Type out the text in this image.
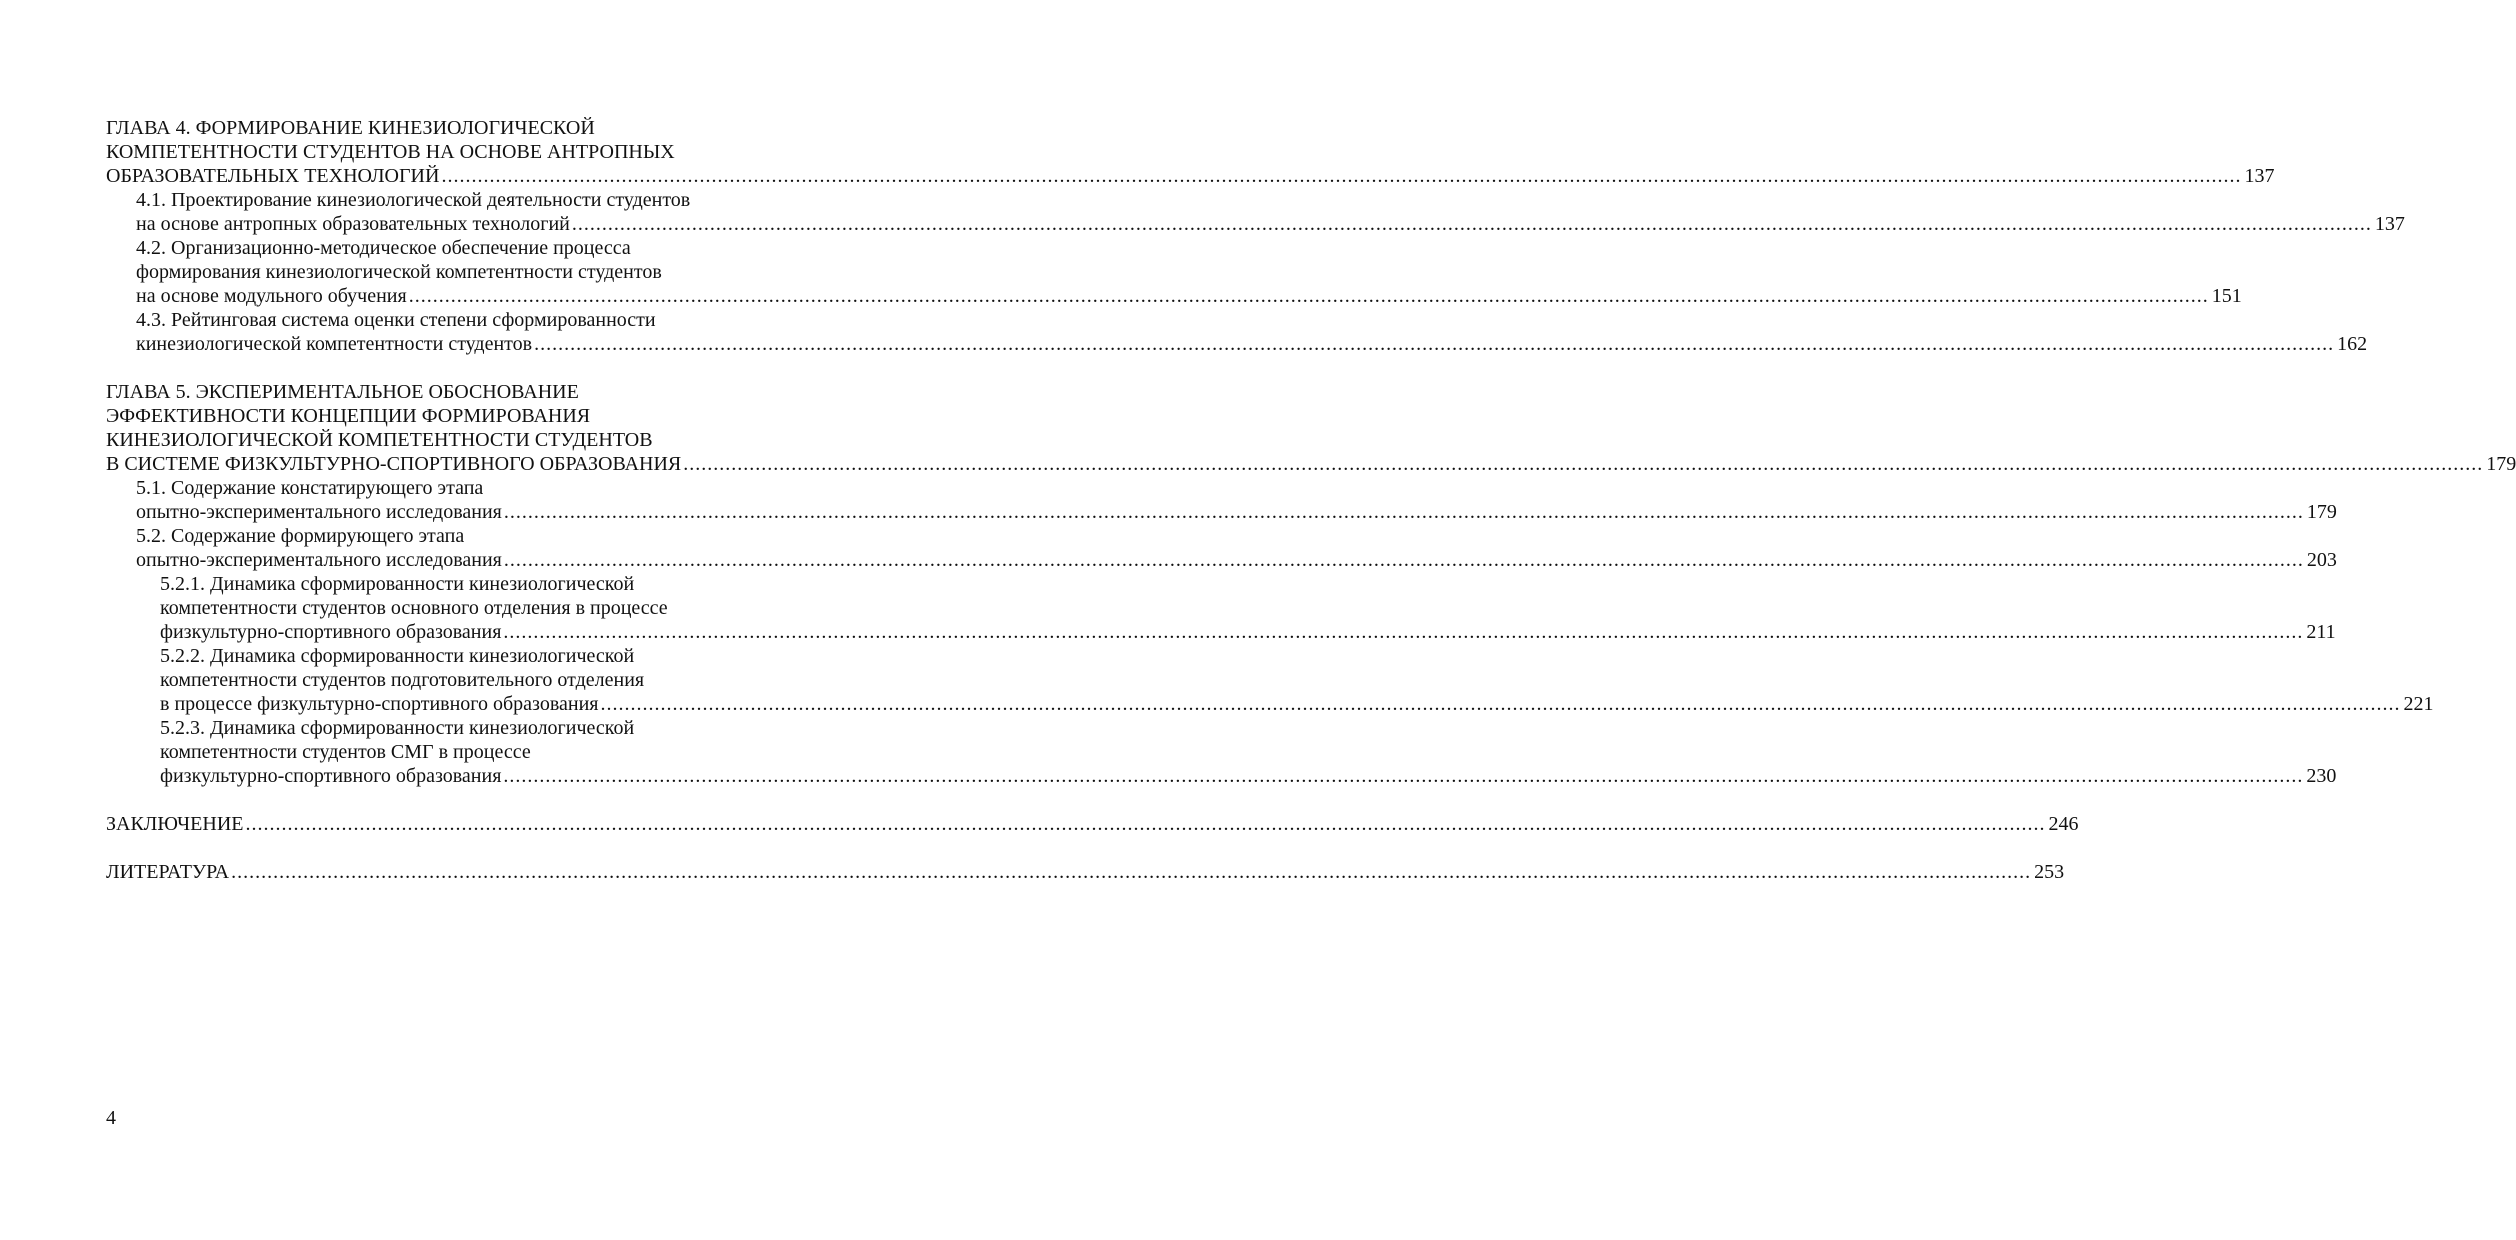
ГЛАВА 4. ФОРМИРОВАНИЕ КИНЕЗИОЛОГИЧЕСКОЙ
КОМПЕТЕНТНОСТИ СТУДЕНТОВ НА ОСНОВЕ АНТРОПНЫХ
ОБРАЗОВАТЕЛЬНЫХ ТЕХНОЛОГИЙ ............................................................................................................................................................................................................................................................................................................ 137
4.1. Проектирование кинезиологической деятельности студентов
на основе антропных образовательных технологий ............................................................................................................................................................................................................................................................................................................ 137
4.2. Организационно-методическое обеспечение процесса
формирования кинезиологической компетентности студентов
на основе модульного обучения ............................................................................................................................................................................................................................................................................................................ 151
4.3. Рейтинговая система оценки степени сформированности
кинезиологической компетентности студентов ............................................................................................................................................................................................................................................................................................................ 162
ГЛАВА 5. ЭКСПЕРИМЕНТАЛЬНОЕ ОБОСНОВАНИЕ
ЭФФЕКТИВНОСТИ КОНЦЕПЦИИ ФОРМИРОВАНИЯ
КИНЕЗИОЛОГИЧЕСКОЙ КОМПЕТЕНТНОСТИ СТУДЕНТОВ
В СИСТЕМЕ ФИЗКУЛЬТУРНО-СПОРТИВНОГО ОБРАЗОВАНИЯ ............................................................................................................................................................................................................................................................................................................ 179
5.1. Содержание констатирующего этапа
опытно-экспериментального исследования ............................................................................................................................................................................................................................................................................................................ 179
5.2. Содержание формирующего этапа
опытно-экспериментального исследования ............................................................................................................................................................................................................................................................................................................ 203
5.2.1. Динамика сформированности кинезиологической
компетентности студентов основного отделения в процессе
физкультурно-спортивного образования ............................................................................................................................................................................................................................................................................................................ 211
5.2.2. Динамика сформированности кинезиологической
компетентности студентов подготовительного отделения
в процессе физкультурно-спортивного образования ............................................................................................................................................................................................................................................................................................................ 221
5.2.3. Динамика сформированности кинезиологической
компетентности студентов СМГ в процессе
физкультурно-спортивного образования ............................................................................................................................................................................................................................................................................................................ 230
ЗАКЛЮЧЕНИЕ ............................................................................................................................................................................................................................................................................................................ 246
ЛИТЕРАТУРА ............................................................................................................................................................................................................................................................................................................ 253
4
